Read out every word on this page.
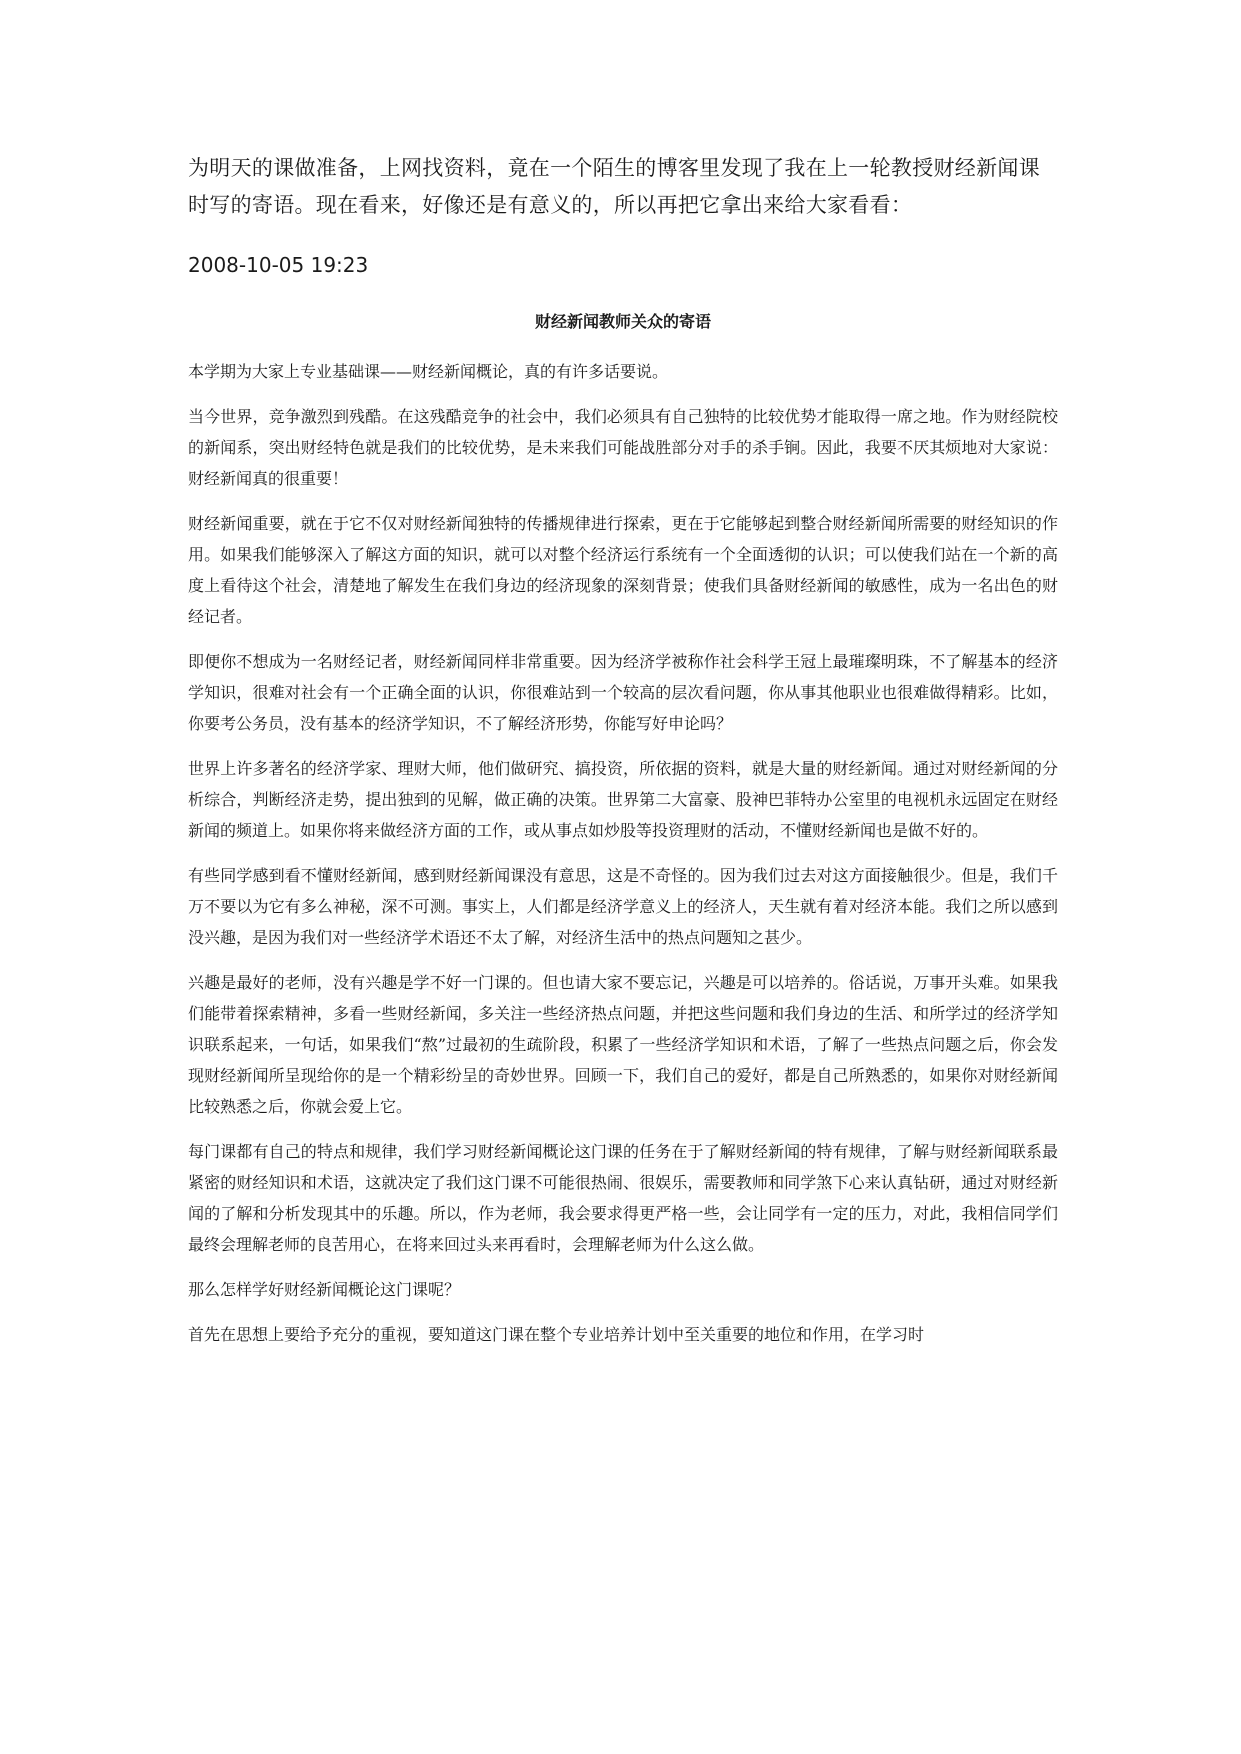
为明天的课做准备，上网找资料，竟在一个陌生的博客里发现了我在上一轮教授财经新闻课时写的寄语。现在看来，好像还是有意义的，所以再把它拿出来给大家看看：

2008-10-05 19:23

财经新闻教师关众的寄语

本学期为大家上专业基础课——财经新闻概论，真的有许多话要说。

当今世界，竞争激烈到残酷。在这残酷竞争的社会中，我们必须具有自己独特的比较优势才能取得一席之地。作为财经院校的新闻系，突出财经特色就是我们的比较优势，是未来我们可能战胜部分对手的杀手锏。因此，我要不厌其烦地对大家说：财经新闻真的很重要！

财经新闻重要，就在于它不仅对财经新闻独特的传播规律进行探索，更在于它能够起到整合财经新闻所需要的财经知识的作用。如果我们能够深入了解这方面的知识，就可以对整个经济运行系统有一个全面透彻的认识；可以使我们站在一个新的高度上看待这个社会，清楚地了解发生在我们身边的经济现象的深刻背景；使我们具备财经新闻的敏感性，成为一名出色的财经记者。

即便你不想成为一名财经记者，财经新闻同样非常重要。因为经济学被称作社会科学王冠上最璀璨明珠，不了解基本的经济学知识，很难对社会有一个正确全面的认识，你很难站到一个较高的层次看问题，你从事其他职业也很难做得精彩。比如，你要考公务员，没有基本的经济学知识，不了解经济形势，你能写好申论吗？

世界上许多著名的经济学家、理财大师，他们做研究、搞投资，所依据的资料，就是大量的财经新闻。通过对财经新闻的分析综合，判断经济走势，提出独到的见解，做正确的决策。世界第二大富豪、股神巴菲特办公室里的电视机永远固定在财经新闻的频道上。如果你将来做经济方面的工作，或从事点如炒股等投资理财的活动，不懂财经新闻也是做不好的。

有些同学感到看不懂财经新闻，感到财经新闻课没有意思，这是不奇怪的。因为我们过去对这方面接触很少。但是，我们千万不要以为它有多么神秘，深不可测。事实上，人们都是经济学意义上的经济人，天生就有着对经济本能。我们之所以感到没兴趣，是因为我们对一些经济学术语还不太了解，对经济生活中的热点问题知之甚少。

兴趣是最好的老师，没有兴趣是学不好一门课的。但也请大家不要忘记，兴趣是可以培养的。俗话说，万事开头难。如果我们能带着探索精神，多看一些财经新闻，多关注一些经济热点问题，并把这些问题和我们身边的生活、和所学过的经济学知识联系起来，一句话，如果我们“熬”过最初的生疏阶段，积累了一些经济学知识和术语，了解了一些热点问题之后，你会发现财经新闻所呈现给你的是一个精彩纷呈的奇妙世界。回顾一下，我们自己的爱好，都是自己所熟悉的，如果你对财经新闻比较熟悉之后，你就会爱上它。

每门课都有自己的特点和规律，我们学习财经新闻概论这门课的任务在于了解财经新闻的特有规律，了解与财经新闻联系最紧密的财经知识和术语，这就决定了我们这门课不可能很热闹、很娱乐，需要教师和同学煞下心来认真钻研，通过对财经新闻的了解和分析发现其中的乐趣。所以，作为老师，我会要求得更严格一些，会让同学有一定的压力，对此，我相信同学们最终会理解老师的良苦用心，在将来回过头来再看时，会理解老师为什么这么做。

那么怎样学好财经新闻概论这门课呢？

首先在思想上要给予充分的重视，要知道这门课在整个专业培养计划中至关重要的地位和作用，在学习时
